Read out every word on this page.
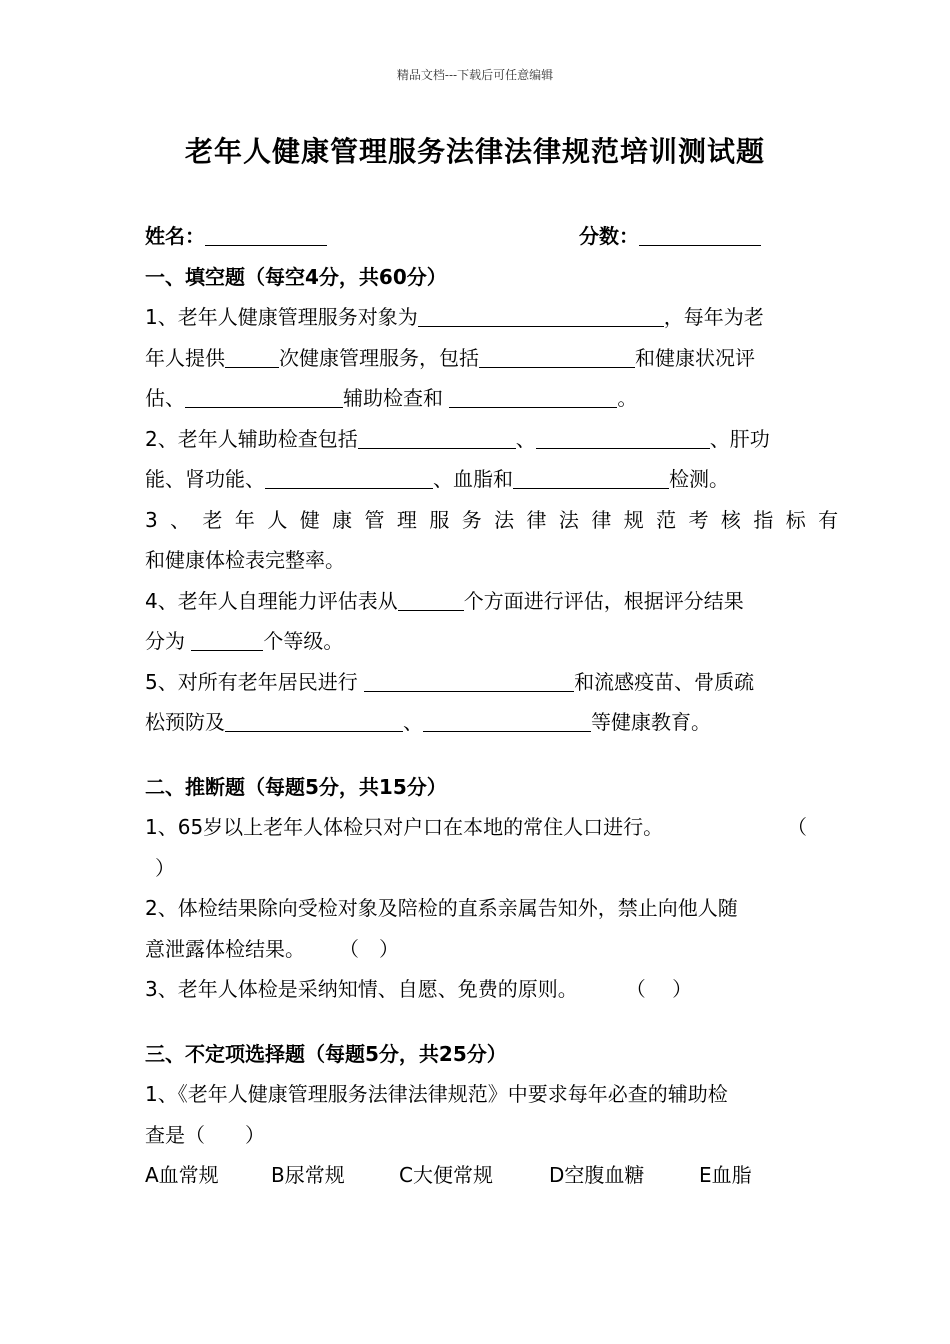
精品文档---下载后可任意编辑
老年人健康管理服务法律法律规范培训测试题
姓名：	分数：
一、填空题（每空4分，共60分）
1、老年人健康管理服务对象为	，每年为老
年人提供	次健康管理服务，包括	和健康状况评
估、	辅助检查和	。
2、老年人辅助检查包括	、	、肝功
能、肾功能、	、血脂和	检测。
3、老年人健康管理服务法律法律规范考核指标有
和健康体检表完整率。
4、老年人自理能力评估表从	个方面进行评估，根据评分结果
分为	个等级。
5、对所有老年居民进行	和流感疫苗、骨质疏
松预防及	、	等健康教育。
二、推断题（每题5分，共15分）
1、65岁以上老年人体检只对户口在本地的常住人口进行。	（
）
2、体检结果除向受检对象及陪检的直系亲属告知外，禁止向他人随
意泄露体检结果。 （　）
3、老年人体检是采纳知情、自愿、免费的原则。 （　 ）
三、不定项选择题（每题5分，共25分）
1、《老年人健康管理服务法律法律规范》中要求每年必查的辅助检
查是（　　）
A血常规	B尿常规	C大便常规	D空腹血糖	E血脂
